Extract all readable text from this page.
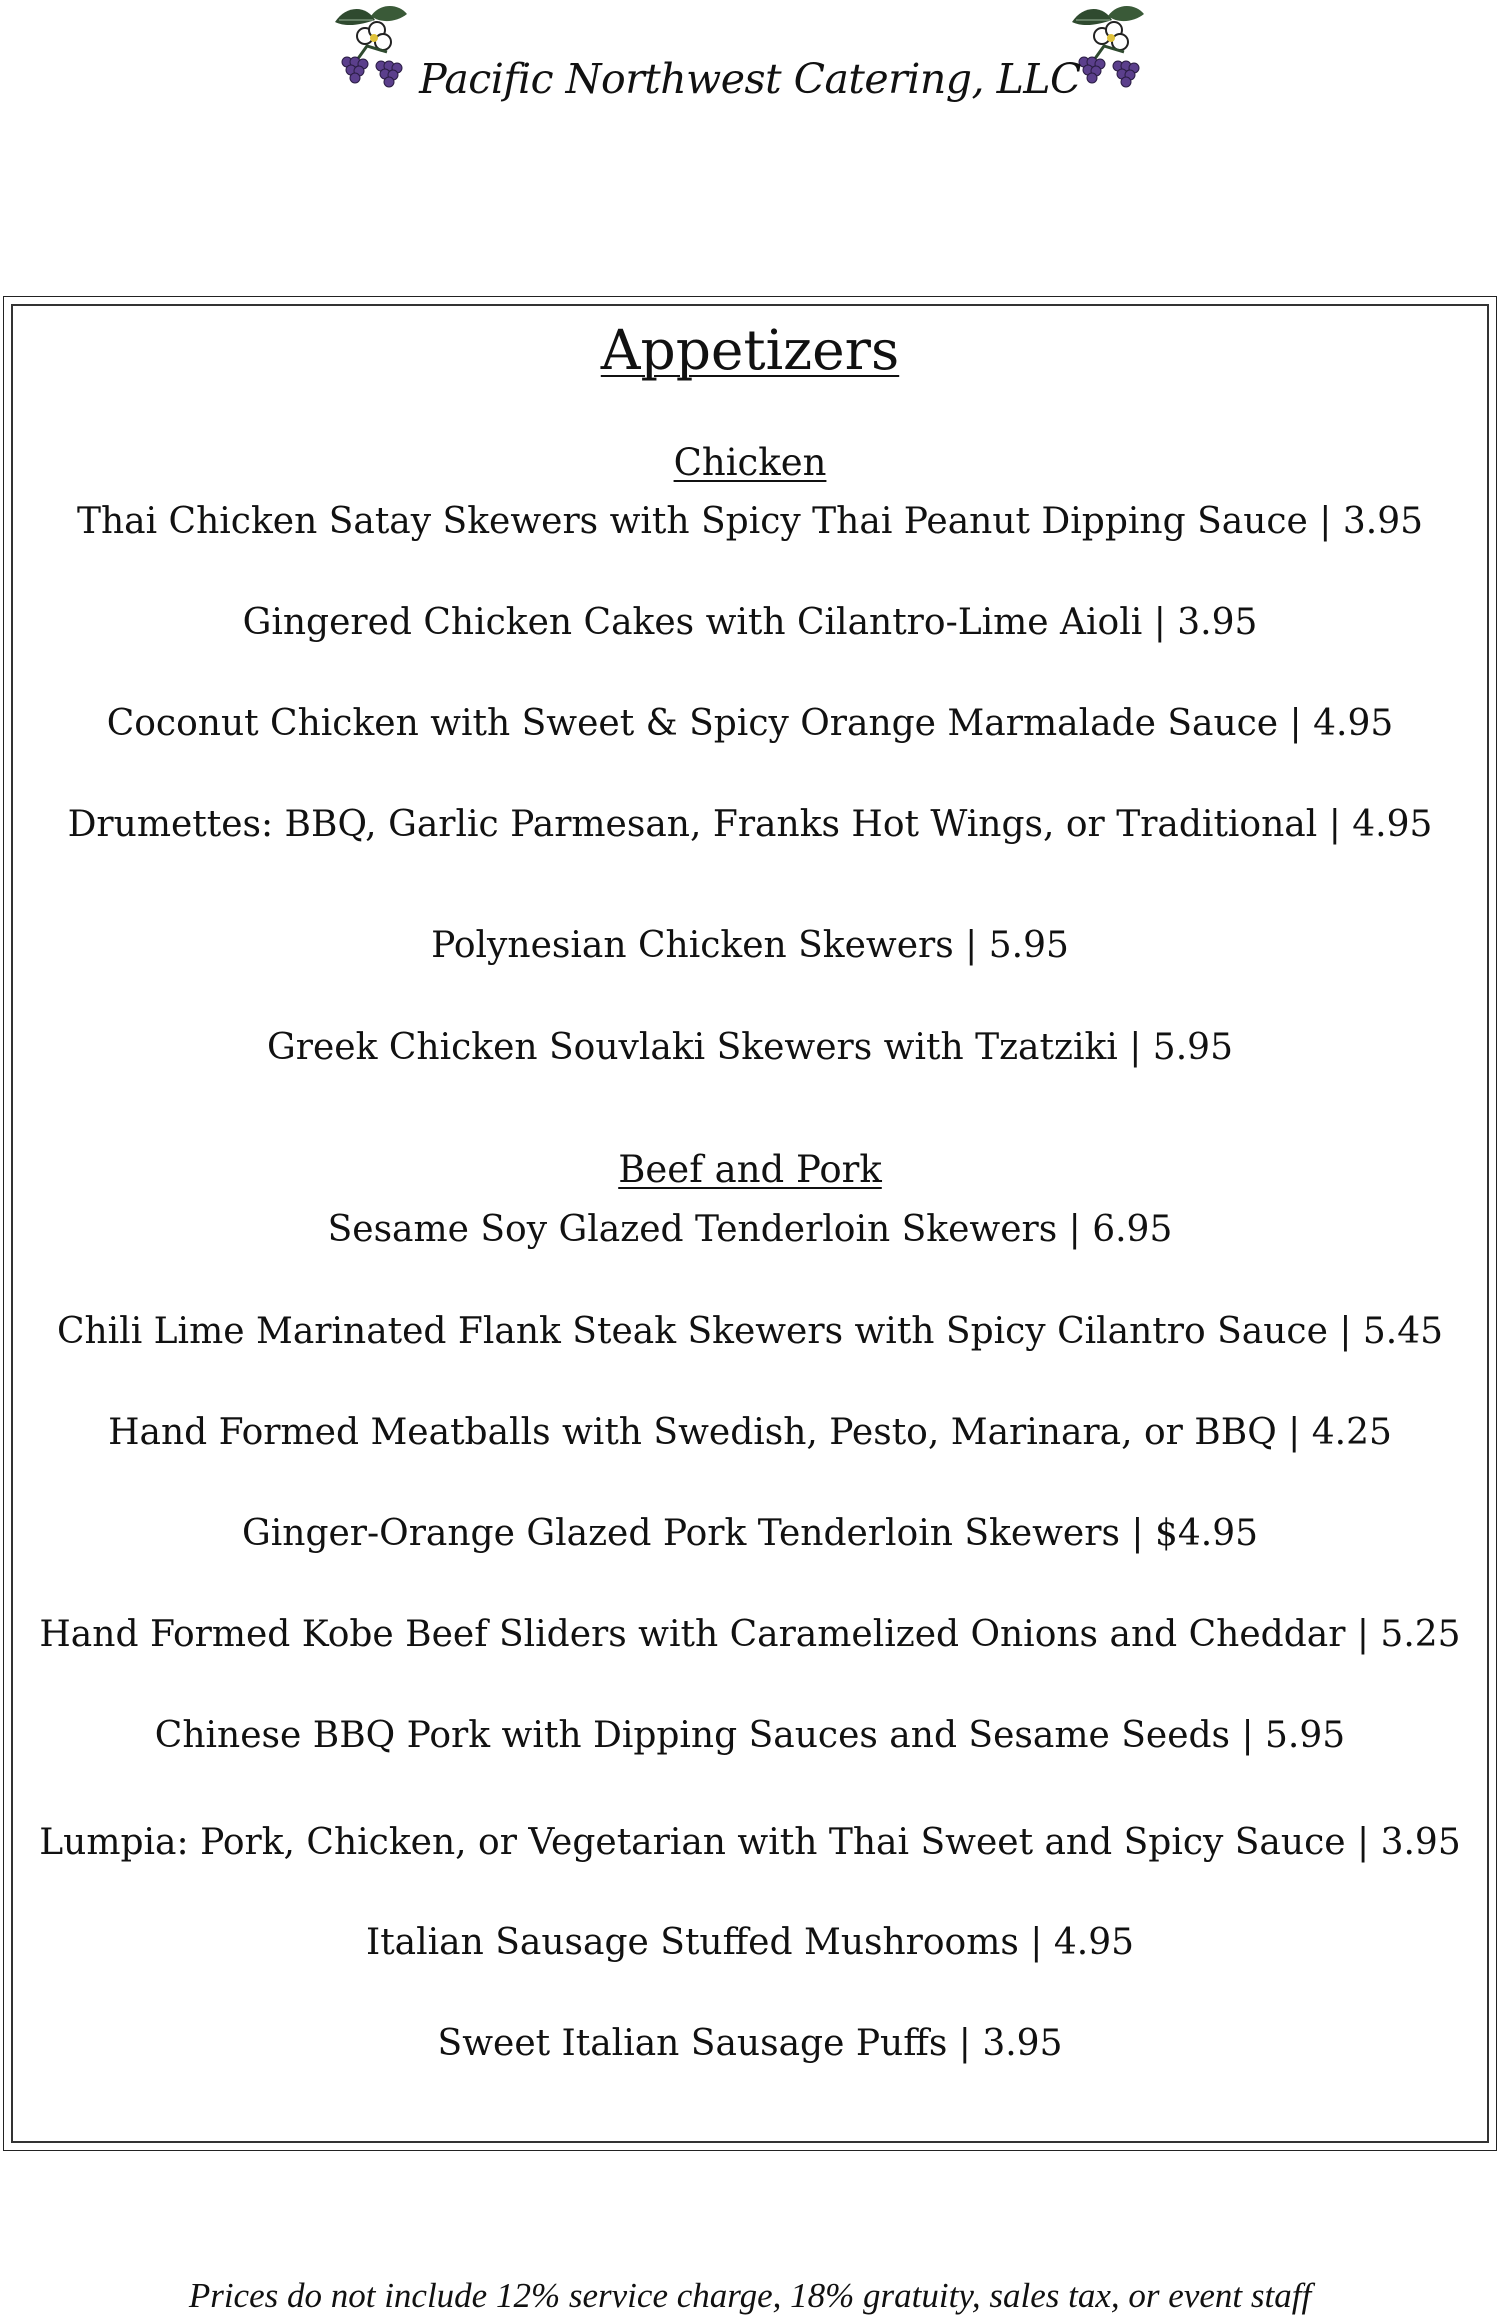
Pacific Northwest Catering, LLC
Appetizers
Chicken
Thai Chicken Satay Skewers with Spicy Thai Peanut Dipping Sauce | 3.95
Gingered Chicken Cakes with Cilantro-Lime Aioli | 3.95
Coconut Chicken with Sweet & Spicy Orange Marmalade Sauce | 4.95
Drumettes: BBQ, Garlic Parmesan, Franks Hot Wings, or Traditional | 4.95
Polynesian Chicken Skewers | 5.95
Greek Chicken Souvlaki Skewers with Tzatziki | 5.95
Beef and Pork
Sesame Soy Glazed Tenderloin Skewers | 6.95
Chili Lime Marinated Flank Steak Skewers with Spicy Cilantro Sauce | 5.45
Hand Formed Meatballs with Swedish, Pesto, Marinara, or BBQ | 4.25
Ginger-Orange Glazed Pork Tenderloin Skewers | $4.95
Hand Formed Kobe Beef Sliders with Caramelized Onions and Cheddar | 5.25
Chinese BBQ Pork with Dipping Sauces and Sesame Seeds | 5.95
Lumpia: Pork, Chicken, or Vegetarian with Thai Sweet and Spicy Sauce | 3.95
Italian Sausage Stuffed Mushrooms | 4.95
Sweet Italian Sausage Puffs | 3.95
Prices do not include 12% service charge, 18% gratuity, sales tax, or event staff
